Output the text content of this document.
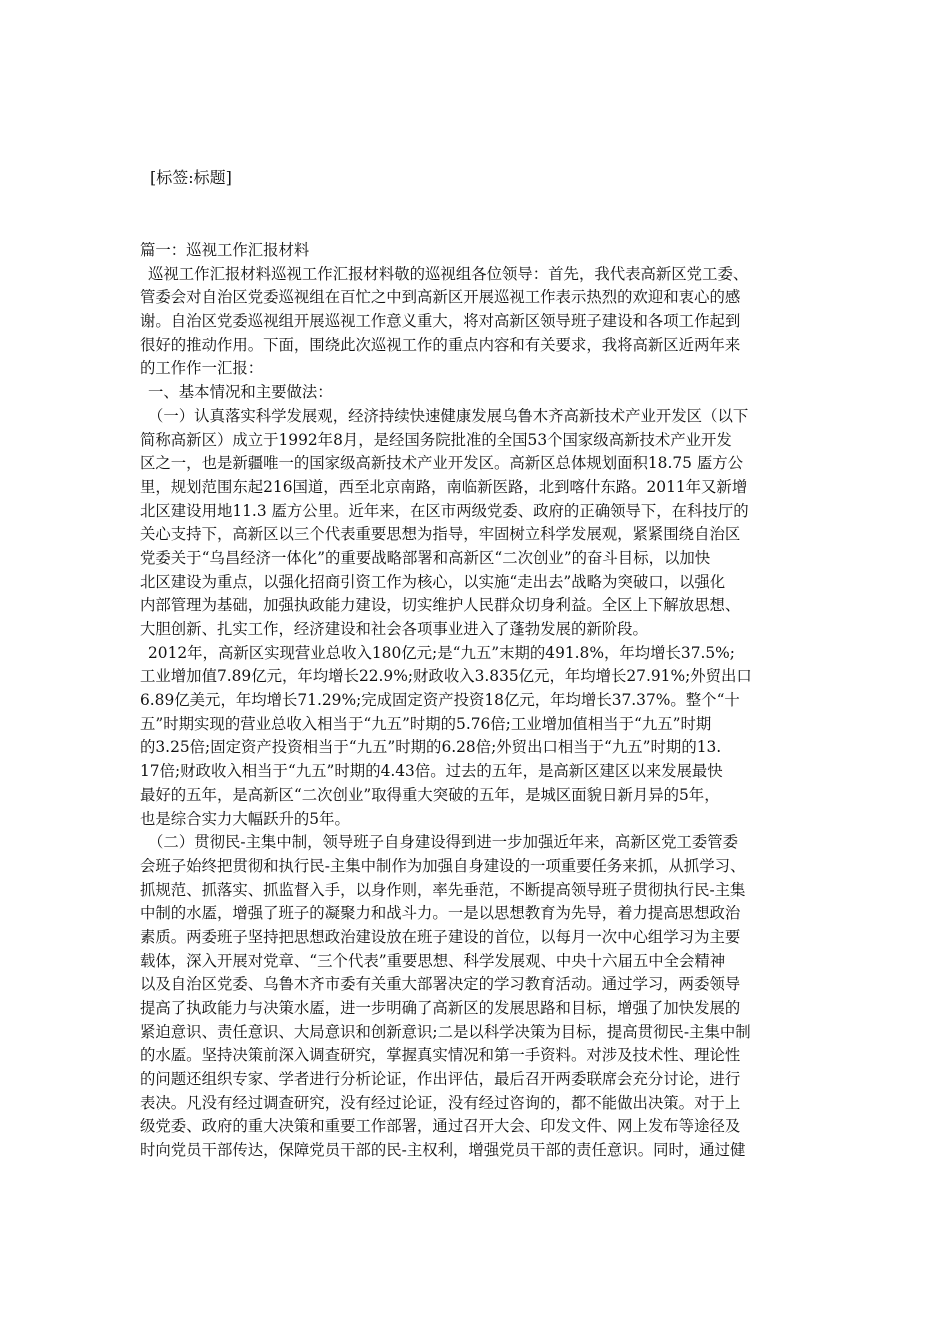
[标签:标题]
篇一：巡视工作汇报材料
巡视工作汇报材料巡视工作汇报材料敬的巡视组各位领导：首先，我代表高新区党工委、
管委会对自治区党委巡视组在百忙之中到高新区开展巡视工作表示热烈的欢迎和衷心的感
谢。自治区党委巡视组开展巡视工作意义重大，将对高新区领导班子建设和各项工作起到
很好的推动作用。下面，围绕此次巡视工作的重点内容和有关要求，我将高新区近两年来
的工作作一汇报：
一、基本情况和主要做法：
（一）认真落实科学发展观，经济持续快速健康发展乌鲁木齐高新技术产业开发区（以下
简称高新区）成立于1992年8月，是经国务院批准的全国53个国家级高新技术产业开发
区之一，也是新疆唯一的国家级高新技术产业开发区。高新区总体规划面积18.75 㕎方公
里，规划范围东起216国道，西至北京南路，南临新医路，北到喀什东路。2011年又新增
北区建设用地11.3 㕎方公里。近年来，在区市两级党委、政府的正确领导下，在科技厅的
关心支持下，高新区以三个代表重要思想为指导，牢固树立科学发展观，紧紧围绕自治区
党委关于“乌昌经济一体化”的重要战略部署和高新区“二次创业”的奋斗目标，以加快
北区建设为重点，以强化招商引资工作为核心，以实施“走出去”战略为突破口，以强化
内部管理为基础，加强执政能力建设，切实维护人民群众切身利益。全区上下解放思想、
大胆创新、扎实工作，经济建设和社会各项事业进入了蓬勃发展的新阶段。
2012年，高新区实现营业总收入180亿元;是“九五”末期的491.8%，年均增长37.5%;
工业增加值7.89亿元，年均增长22.9%;财政收入3.835亿元，年均增长27.91%;外贸出口
6.89亿美元，年均增长71.29%;完成固定资产投资18亿元，年均增长37.37%。整个“十
五”时期实现的营业总收入相当于“九五”时期的5.76倍;工业增加值相当于“九五”时期
的3.25倍;固定资产投资相当于“九五”时期的6.28倍;外贸出口相当于“九五”时期的13.
17倍;财政收入相当于“九五”时期的4.43倍。过去的五年，是高新区建区以来发展最快
最好的五年，是高新区“二次创业”取得重大突破的五年，是城区面貌日新月异的5年，
也是综合实力大幅跃升的5年。
（二）贯彻民-主集中制，领导班子自身建设得到进一步加强近年来，高新区党工委管委
会班子始终把贯彻和执行民-主集中制作为加强自身建设的一项重要任务来抓，从抓学习、
抓规范、抓落实、抓监督入手，以身作则，率先垂范，不断提高领导班子贯彻执行民-主集
中制的水㕎，增强了班子的凝聚力和战斗力。一是以思想教育为先导，着力提高思想政治
素质。两委班子坚持把思想政治建设放在班子建设的首位，以每月一次中心组学习为主要
载体，深入开展对党章、“三个代表”重要思想、科学发展观、中央十六届五中全会精神
以及自治区党委、乌鲁木齐市委有关重大部署决定的学习教育活动。通过学习，两委领导
提高了执政能力与决策水㕎，进一步明确了高新区的发展思路和目标，增强了加快发展的
紧迫意识、责任意识、大局意识和创新意识;二是以科学决策为目标，提高贯彻民-主集中制
的水㕎。坚持决策前深入调查研究，掌握真实情况和第一手资料。对涉及技术性、理论性
的问题还组织专家、学者进行分析论证，作出评估，最后召开两委联席会充分讨论，进行
表决。凡没有经过调查研究，没有经过论证，没有经过咨询的，都不能做出决策。对于上
级党委、政府的重大决策和重要工作部署，通过召开大会、印发文件、网上发布等途径及
时向党员干部传达，保障党员干部的民-主权利，增强党员干部的责任意识。同时，通过健
